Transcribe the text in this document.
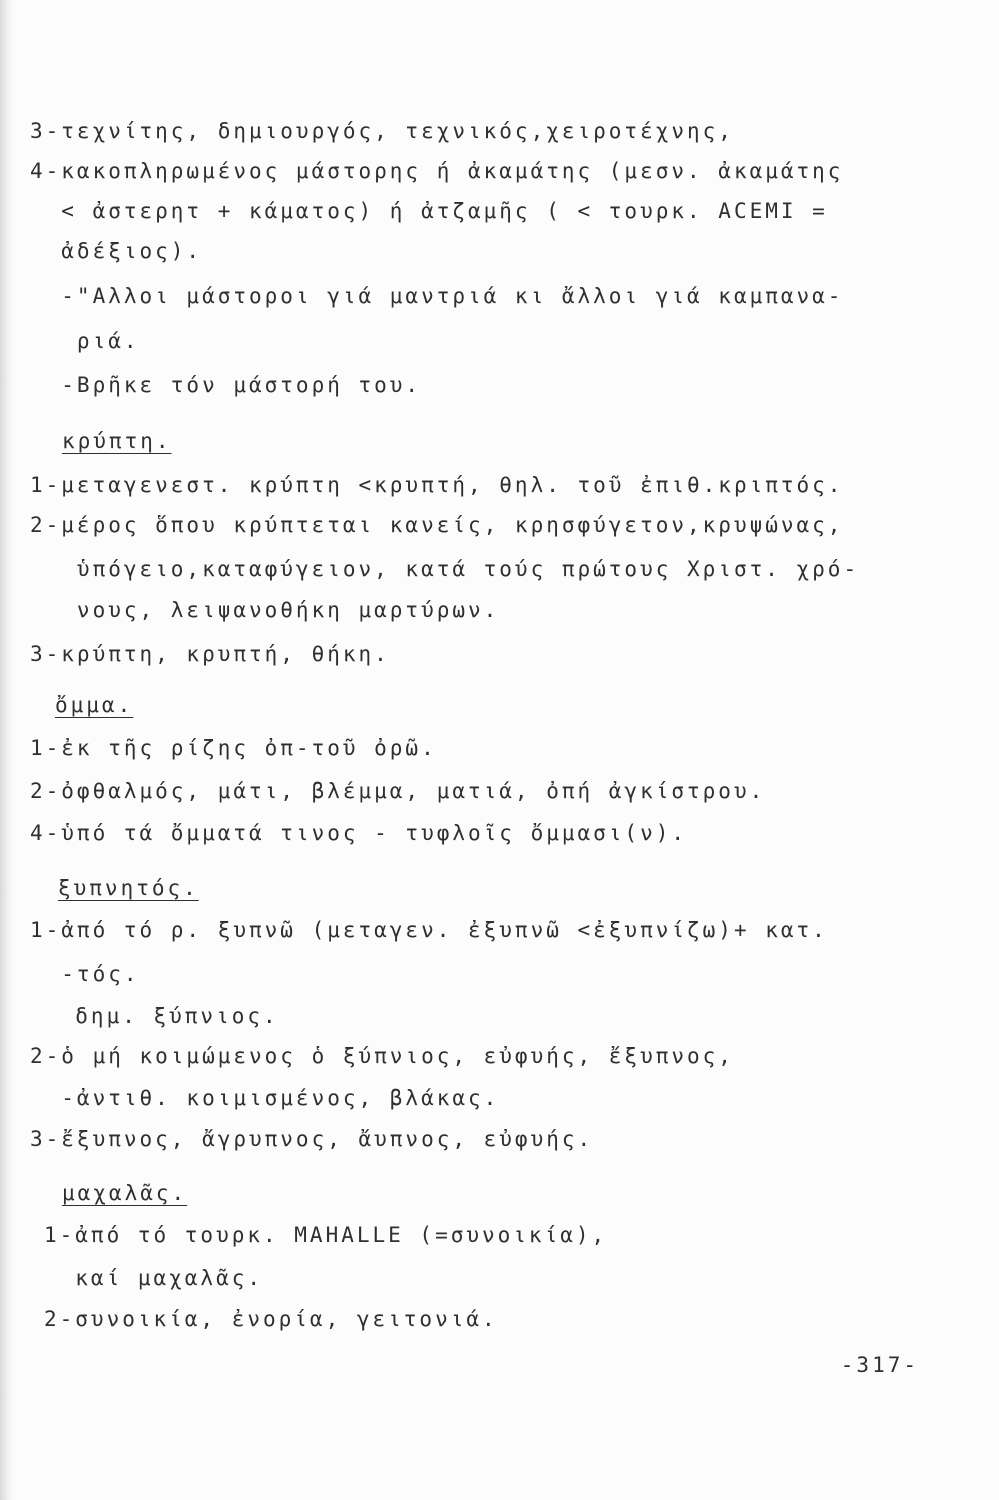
3-τεχνίτης, δημιουργός, τεχνικός,χειροτέχνης,
4-κακοπληρωμένος μάστορης ή ἀκαμάτης (μεσν. ἀκαμάτης
< ἀστερητ + κάματος) ή ἀτζαμῆς ( < τουρκ. ACEMI =
ἀδέξιος).
-"Αλλοι μάστοροι γιά μαντριά κι ἄλλοι γιά καμπανα-
ριά.
-Βρῆκε τόν μάστορή του.
κρύπτη.
1-μεταγενεστ. κρύπτη <κρυπτή, θηλ. τοῦ ἐπιθ.κριπτός.
2-μέρος ὅπου κρύπτεται κανείς, κρησφύγετον,κρυψώνας,
ὑπόγειο,καταφύγειον, κατά τούς πρώτους Χριστ. χρό-
νους, λειψανοθήκη μαρτύρων.
3-κρύπτη, κρυπτή, θήκη.
ὄμμα.
1-ἐκ τῆς ρίζης ὀπ-τοῦ ὀρῶ.
2-ὀφθαλμός, μάτι, βλέμμα, ματιά, ὀπή ἀγκίστρου.
4-ὑπό τά ὄμματά τινος - τυφλοῖς ὄμμασι(ν).
ξυπνητός.
1-ἀπό τό ρ. ξυπνῶ (μεταγεν. ἐξυπνῶ <ἐξυπνίζω)+ κατ.
-τός.
δημ. ξύπνιος.
2-ὁ μή κοιμώμενος ὁ ξύπνιος, εὐφυής, ἔξυπνος,
-ἀντιθ. κοιμισμένος, βλάκας.
3-ἔξυπνος, ἄγρυπνος, ἄυπνος, εὐφυής.
μαχαλᾶς.
1-ἀπό τό τουρκ. MAHALLE (=συνοικία),
καί μαχαλᾶς.
2-συνοικία, ἐνορία, γειτονιά.
-317-
